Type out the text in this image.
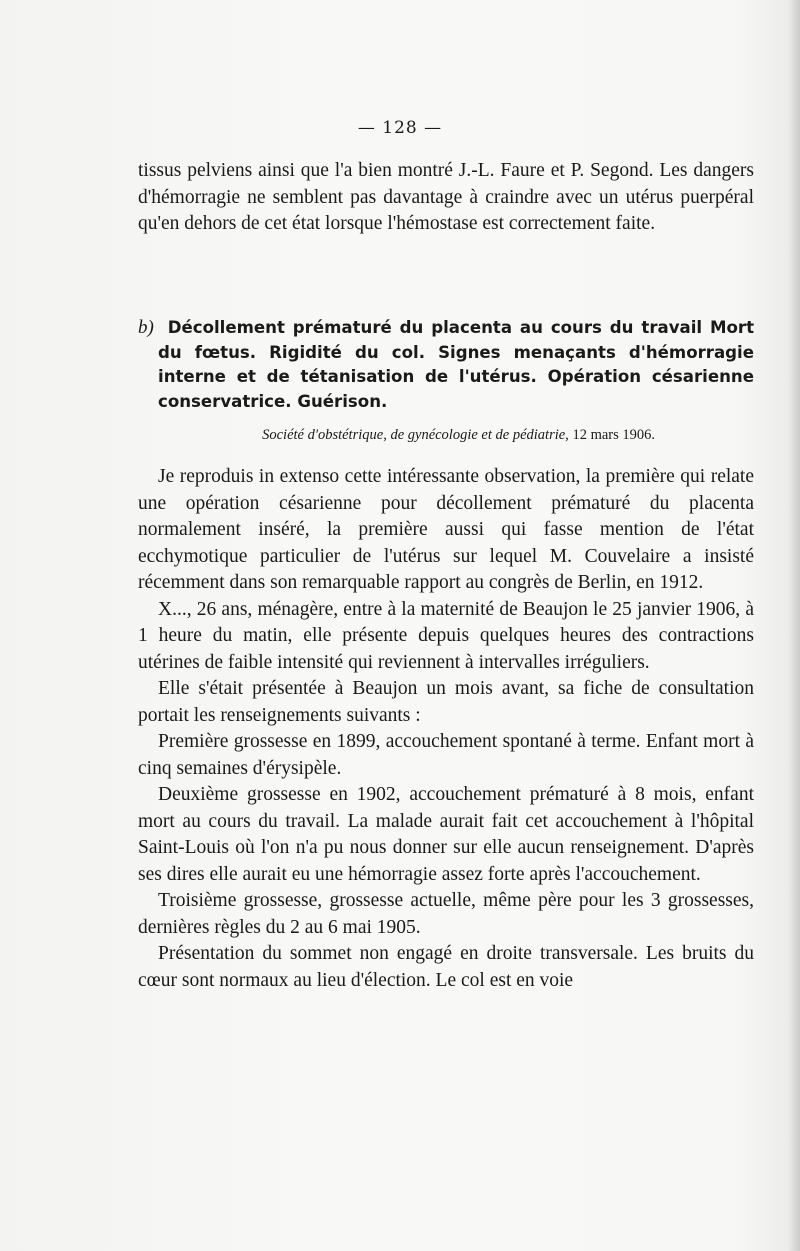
— 128 —

tissus pelviens ainsi que l'a bien montré J.-L. Faure et P. Segond. Les dangers d'hémorragie ne semblent pas davantage à craindre avec un utérus puerpéral qu'en dehors de cet état lorsque l'hémostase est correctement faite.

b) Décollement prématuré du placenta au cours du travail Mort du fœtus. Rigidité du col. Signes menaçants d'hémorragie interne et de tétanisation de l'utérus. Opération césarienne conservatrice. Guérison.

Société d'obstétrique, de gynécologie et de pédiatrie, 12 mars 1906.

Je reproduis in extenso cette intéressante observation, la première qui relate une opération césarienne pour décollement prématuré du placenta normalement inséré, la première aussi qui fasse mention de l'état ecchymotique particulier de l'utérus sur lequel M. Couvelaire a insisté récemment dans son remarquable rapport au congrès de Berlin, en 1912.

X..., 26 ans, ménagère, entre à la maternité de Beaujon le 25 janvier 1906, à 1 heure du matin, elle présente depuis quelques heures des contractions utérines de faible intensité qui reviennent à intervalles irréguliers.

Elle s'était présentée à Beaujon un mois avant, sa fiche de consultation portait les renseignements suivants :

Première grossesse en 1899, accouchement spontané à terme. Enfant mort à cinq semaines d'érysipèle.

Deuxième grossesse en 1902, accouchement prématuré à 8 mois, enfant mort au cours du travail. La malade aurait fait cet accouchement à l'hôpital Saint-Louis où l'on n'a pu nous donner sur elle aucun renseignement. D'après ses dires elle aurait eu une hémorragie assez forte après l'accouchement.

Troisième grossesse, grossesse actuelle, même père pour les 3 grossesses, dernières règles du 2 au 6 mai 1905.

Présentation du sommet non engagé en droite transversale. Les bruits du cœur sont normaux au lieu d'élection. Le col est en voie
